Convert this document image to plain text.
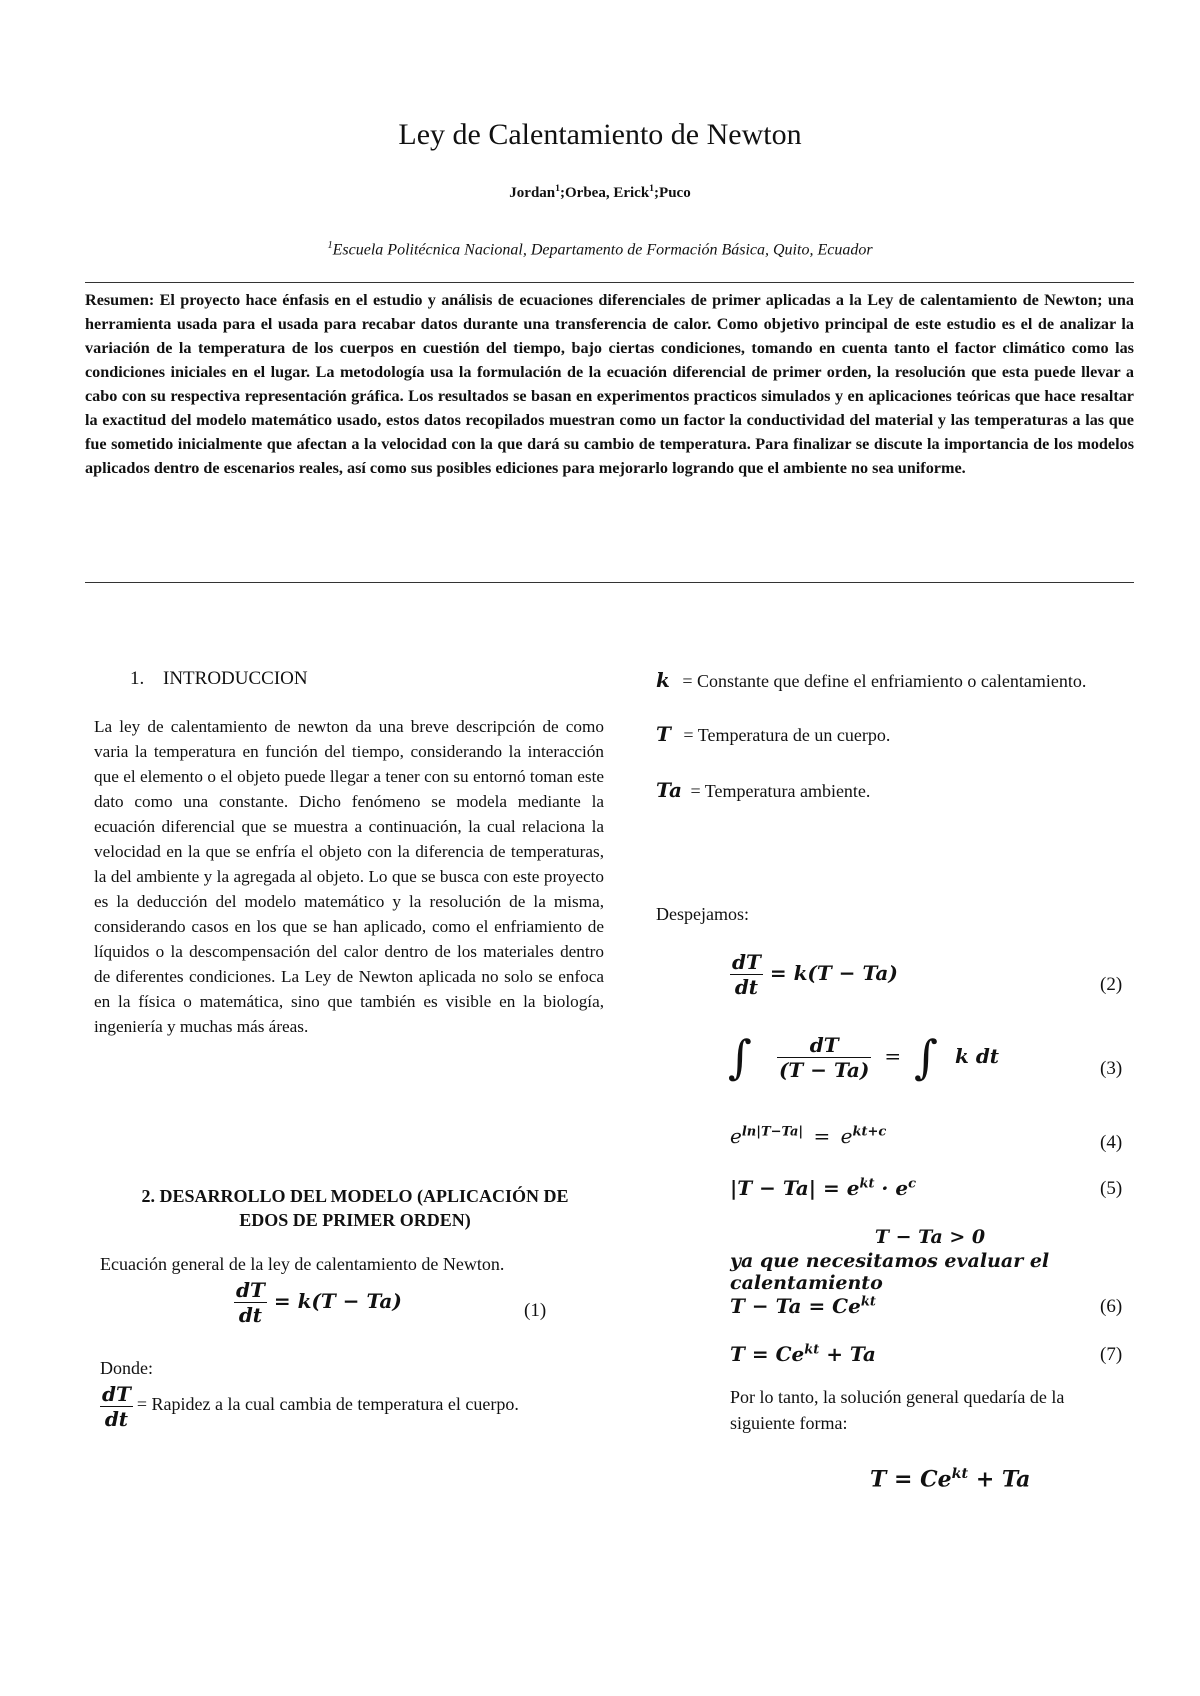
Ley de Calentamiento de Newton
Jordan$^1$;Orbea, Erick$^1$;Puco
$^1$Escuela Politécnica Nacional, Departamento de Formación Básica, Quito, Ecuador
Resumen: El proyecto hace énfasis en el estudio y análisis de ecuaciones diferenciales de primer aplicadas a la Ley de calentamiento de Newton; una herramienta usada para el usada para recabar datos durante una transferencia de calor. Como objetivo principal de este estudio es el de analizar la variación de la temperatura de los cuerpos en cuestión del tiempo, bajo ciertas condiciones, tomando en cuenta tanto el factor climático como las condiciones iniciales en el lugar. La metodología usa la formulación de la ecuación diferencial de primer orden, la resolución que esta puede llevar a cabo con su respectiva representación gráfica. Los resultados se basan en experimentos practicos simulados y en aplicaciones teóricas que hace resaltar la exactitud del modelo matemático usado, estos datos recopilados muestran como un factor la conductividad del material y las temperaturas a las que fue sometido inicialmente que afectan a la velocidad con la que dará su cambio de temperatura. Para finalizar se discute la importancia de los modelos aplicados dentro de escenarios reales, así como sus posibles ediciones para mejorarlo logrando que el ambiente no sea uniforme.
1. INTRODUCCION
La ley de calentamiento de newton da una breve descripción de como varia la temperatura en función del tiempo, considerando la interacción que el elemento o el objeto puede llegar a tener con su entornó toman este dato como una constante. Dicho fenómeno se modela mediante la ecuación diferencial que se muestra a continuación, la cual relaciona la velocidad en la que se enfría el objeto con la diferencia de temperaturas, la del ambiente y la agregada al objeto. Lo que se busca con este proyecto es la deducción del modelo matemático y la resolución de la misma, considerando casos en los que se han aplicado, como el enfriamiento de líquidos o la descompensación del calor dentro de los materiales dentro de diferentes condiciones. La Ley de Newton aplicada no solo se enfoca en la física o matemática, sino que también es visible en la biología, ingeniería y muchas más áreas.
2. DESARROLLO DEL MODELO (APLICACIÓN DE
EDOS DE PRIMER ORDEN)
Ecuación general de la ley de calentamiento de Newton.
$\frac{dT}{dt} = k(T - Ta)$	(1)
Donde:
$\frac{dT}{dt}$ = Rapidez a la cual cambia de temperatura el cuerpo.
k = Constante que define el enfriamiento o calentamiento.
T = Temperatura de un cuerpo.
Ta = Temperatura ambiente.
Despejamos:
$\frac{dT}{dt} = k(T - Ta)$	(2)
∫ $\frac{dT}{(T - Ta)}$ = ∫ k dt
(3)
$e^{ln|T-Ta|} = e^{kt+c}$
(4)
$|T - Ta| = e^{kt} \cdot e^c$	(5)
T − Ta > 0
ya que necesitamos evaluar el calentamiento
$T - Ta = Ce^{kt}$	(6)
$T = Ce^{kt} + Ta$	(7)
Por lo tanto, la solución general quedaría de la siguiente forma:
$T = Ce^{kt} + Ta$
